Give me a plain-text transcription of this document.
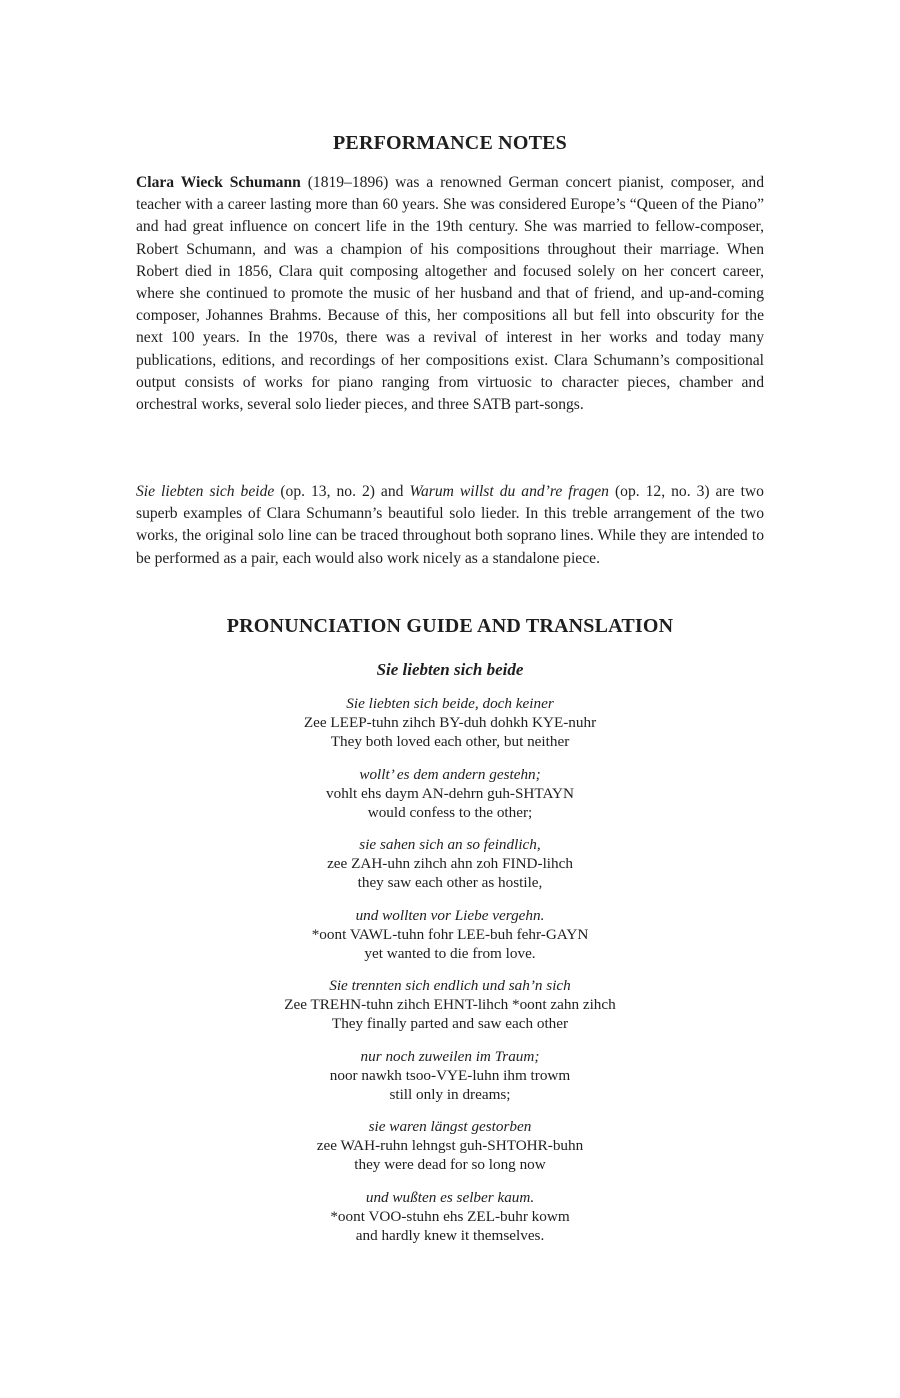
PERFORMANCE NOTES
Clara Wieck Schumann (1819–1896) was a renowned German concert pianist, composer, and teacher with a career lasting more than 60 years. She was considered Europe’s “Queen of the Piano” and had great influence on concert life in the 19th century. She was married to fellow-composer, Robert Schumann, and was a champion of his compositions throughout their marriage. When Robert died in 1856, Clara quit composing altogether and focused solely on her concert career, where she continued to promote the music of her husband and that of friend, and up-and-coming composer, Johannes Brahms. Because of this, her compositions all but fell into obscurity for the next 100 years. In the 1970s, there was a revival of interest in her works and today many publications, editions, and recordings of her compositions exist. Clara Schumann’s compositional output consists of works for piano ranging from virtuosic to character pieces, chamber and orchestral works, several solo lieder pieces, and three SATB part-songs.
Sie liebten sich beide (op. 13, no. 2) and Warum willst du and’re fragen (op. 12, no. 3) are two superb examples of Clara Schumann’s beautiful solo lieder. In this treble arrangement of the two works, the original solo line can be traced throughout both soprano lines. While they are intended to be performed as a pair, each would also work nicely as a standalone piece.
PRONUNCIATION GUIDE AND TRANSLATION
Sie liebten sich beide
Sie liebten sich beide, doch keiner
Zee LEEP-tuhn zihch BY-duh dohkh KYE-nuhr
They both loved each other, but neither
wollt’ es dem andern gestehn;
vohlt ehs daym AN-dehrn guh-SHTAYN
would confess to the other;
sie sahen sich an so feindlich,
zee ZAH-uhn zihch ahn zoh FIND-lihch
they saw each other as hostile,
und wollten vor Liebe vergehn.
*oont VAWL-tuhn fohr LEE-buh fehr-GAYN
yet wanted to die from love.
Sie trennten sich endlich und sah’n sich
Zee TREHN-tuhn zihch EHNT-lihch *oont zahn zihch
They finally parted and saw each other
nur noch zuweilen im Traum;
noor nawkh tsoo-VYE-luhn ihm trowm
still only in dreams;
sie waren längst gestorben
zee WAH-ruhn lehngst guh-SHTOHR-buhn
they were dead for so long now
und wußten es selber kaum.
*oont VOO-stuhn ehs ZEL-buhr kowm
and hardly knew it themselves.
